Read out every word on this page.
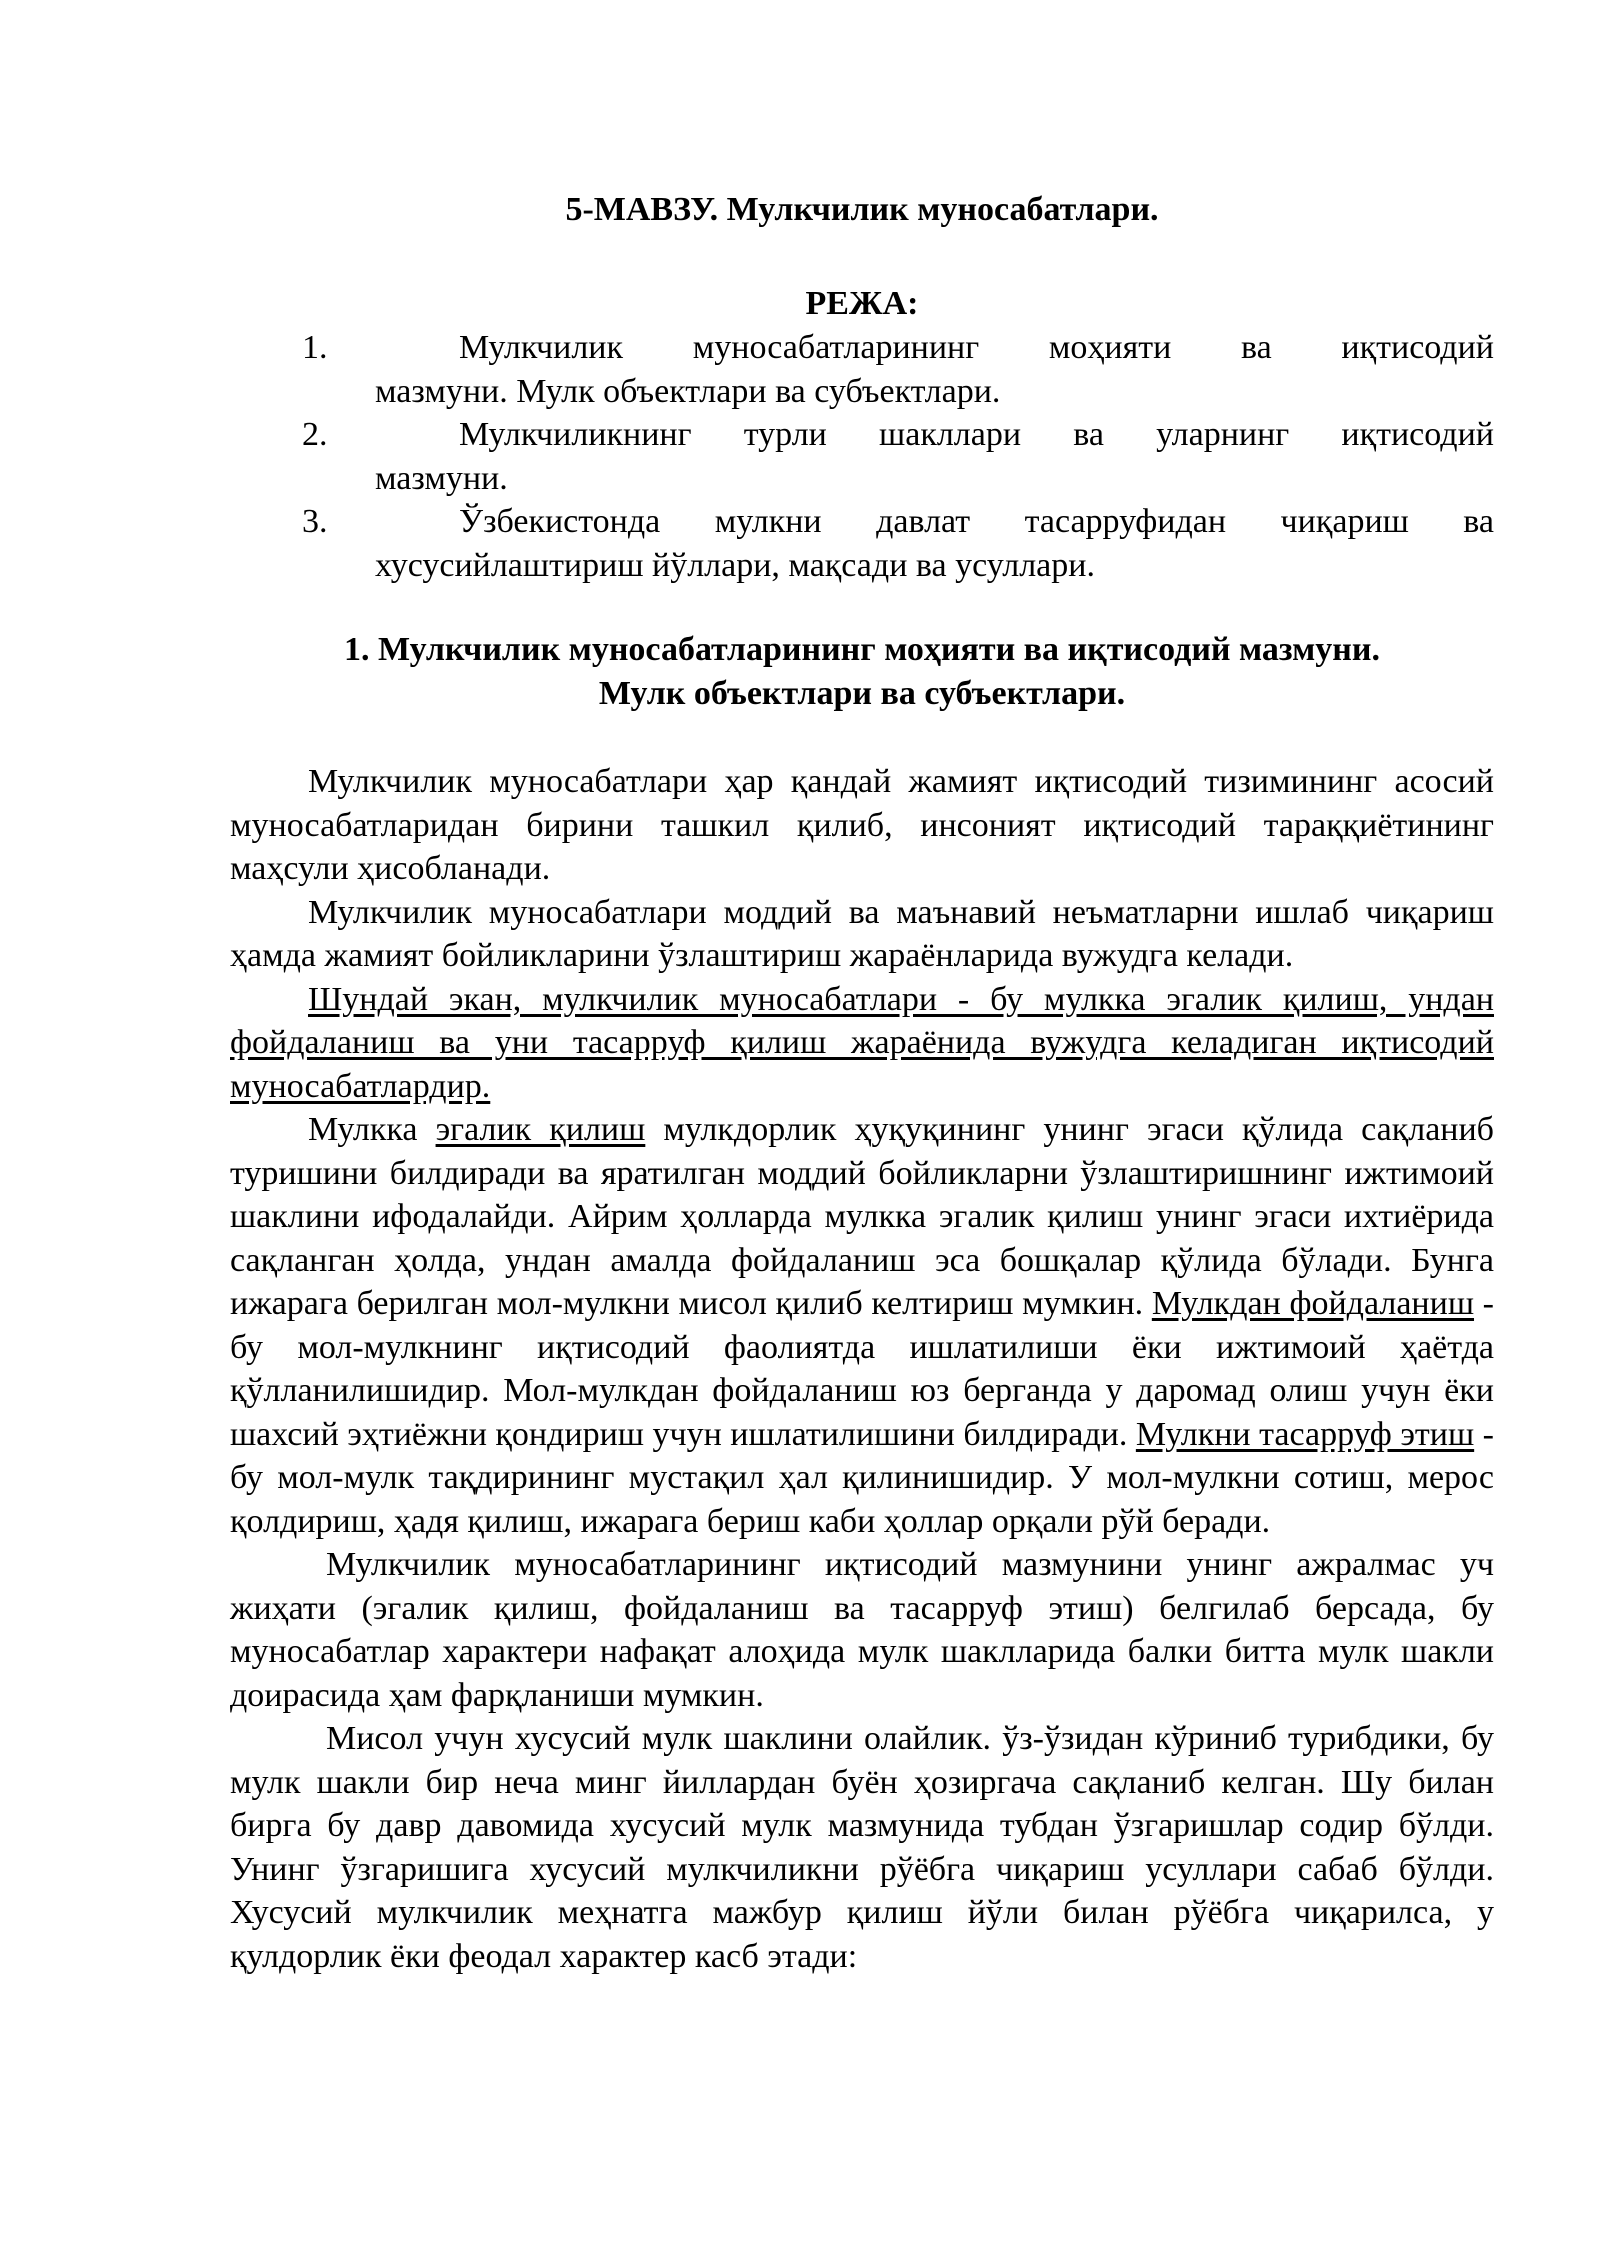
5-МАВЗУ. Мулкчилик муносабатлари.
РЕЖА:
1.	Мулкчилик муносабатларининг моҳияти ва иқтисодий
мазмуни. Мулк объектлари ва субъектлари.
2.	Мулкчиликнинг турли шакллари ва уларнинг иқтисодий
мазмуни.
3.	Ўзбекистонда мулкни давлат тасарруфидан чиқариш ва
хусусийлаштириш йўллари, мақсади ва усуллари.
1. Мулкчилик муносабатларининг моҳияти ва иқтисодий мазмуни.
Мулк объектлари ва субъектлари.

Мулкчилик муносабатлари ҳар қандай жамият иқтисодий тизимининг асосий муносабатларидан бирини ташкил қилиб, инсоният иқтисодий тараққиётининг маҳсули ҳисобланади.

Мулкчилик муносабатлари моддий ва маънавий неъматларни ишлаб чиқариш ҳамда жамият бойликларини ўзлаштириш жараёнларида вужудга келади.

Шундай экан, мулкчилик муносабатлари - бу мулкка эгалик қилиш, ундан фойдаланиш ва уни тасарруф қилиш жараёнида вужудга келадиган иқтисодий муносабатлардир.

Мулкка эгалик қилиш мулкдорлик ҳуқуқининг унинг эгаси қўлида сақланиб туришини билдиради ва яратилган моддий бойликларни ўзлаштиришнинг ижтимоий шаклини ифодалайди. Айрим ҳолларда мулкка эгалик қилиш унинг эгаси ихтиёрида сақланган ҳолда, ундан амалда фойдаланиш эса бошқалар қўлида бўлади. Бунга ижарага берилган мол-мулкни мисол қилиб келтириш мумкин. Мулкдан фойдаланиш - бу мол-мулкнинг иқтисодий фаолиятда ишлатилиши ёки ижтимоий ҳаётда қўлланилишидир. Мол-мулкдан фойдаланиш юз берганда у даромад олиш учун ёки шахсий эҳтиёжни қондириш учун ишлатилишини билдиради. Мулкни тасарруф этиш - бу мол-мулк тақдирининг мустақил ҳал қилинишидир. У мол-мулкни сотиш, мерос қолдириш, ҳадя қилиш, ижарага бериш каби ҳоллар орқали рўй беради.

Мулкчилик муносабатларининг иқтисодий мазмунини унинг ажралмас уч жиҳати (эгалик қилиш, фойдаланиш ва тасарруф этиш) белгилаб берсада, бу муносабатлар характери нафақат алоҳида мулк шаклларида балки битта мулк шакли доирасида ҳам фарқланиши мумкин.

Мисол учун хусусий мулк шаклини олайлик. ўз-ўзидан кўриниб турибдики, бу мулк шакли бир неча минг йиллардан буён ҳозиргача сақланиб келган. Шу билан бирга бу давр давомида хусусий мулк мазмунида тубдан ўзгаришлар содир бўлди. Унинг ўзгаришига хусусий мулкчиликни рўёбга чиқариш усуллари сабаб бўлди. Хусусий мулкчилик меҳнатга мажбур қилиш йўли билан рўёбга чиқарилса, у қулдорлик ёки феодал характер касб этади:
